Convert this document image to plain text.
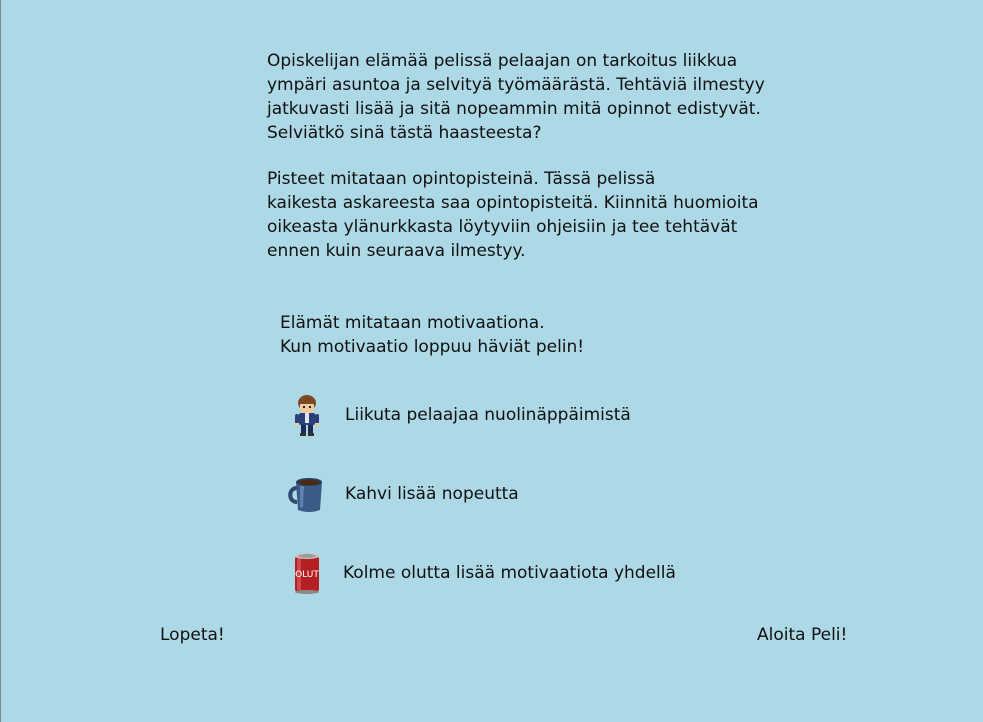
Opiskelijan elämää pelissä pelaajan on tarkoitus liikkua
ympäri asuntoa ja selvityä työmäärästä. Tehtäviä ilmestyy
jatkuvasti lisää ja sitä nopeammin mitä opinnot edistyvät.
Selviätkö sinä tästä haasteesta?
Pisteet mitataan opintopisteinä. Tässä pelissä
kaikesta askareesta saa opintopisteitä. Kiinnitä huomioita
oikeasta ylänurkkasta löytyviin ohjeisiin ja tee tehtävät
ennen kuin seuraava ilmestyy.
Elämät mitataan motivaationa.
Kun motivaatio loppuu häviät pelin!
Liikuta pelaajaa nuolinäppäimistä
Kahvi lisää nopeutta
OLUT Kolme olutta lisää motivaatiota yhdellä
Lopeta!	Aloita Peli!
